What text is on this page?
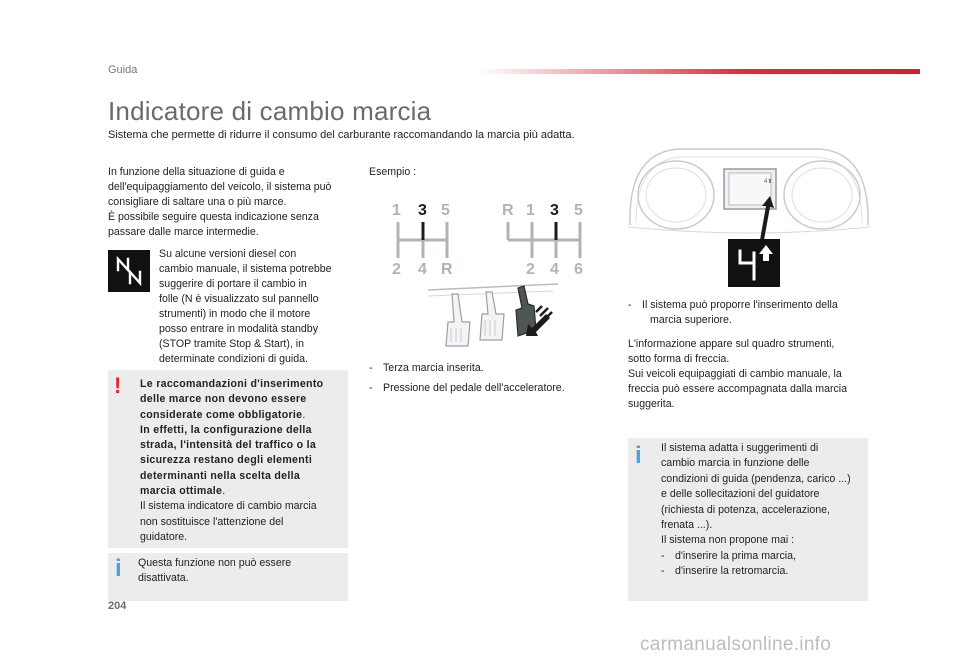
Guida
Indicatore di cambio marcia
Sistema che permette di ridurre il consumo del carburante raccomandando la marcia più adatta.
In funzione della situazione di guida e
dell'equipaggiamento del veicolo, il sistema può
consigliare di saltare una o più marce.
È possibile seguire questa indicazione senza
passare dalle marce intermedie.
Su alcune versioni diesel con
cambio manuale, il sistema potrebbe
suggerire di portare il cambio in
folle (N è visualizzato sul pannello
strumenti) in modo che il motore
posso entrare in modalità standby
(STOP tramite Stop & Start), in
determinate condizioni di guida.
! Le raccomandazioni d'inserimento
delle marce non devono essere
considerate come obbligatorie.
In effetti, la configurazione della
strada, l'intensità del traffico o la
sicurezza restano degli elementi
determinanti nella scelta della
marcia ottimale.
Il sistema indicatore di cambio marcia
non sostituisce l'attenzione del
guidatore.
i Questa funzione non può essere
disattivata.
Esempio :
1 3 5
2 4 R
R 1 3 5
2 4 6
- Terza marcia inserita.
- Pressione del pedale dell'acceleratore.
4⬆
- Il sistema può proporre l'inserimento della
marcia superiore.
L'informazione appare sul quadro strumenti,
sotto forma di freccia.
Sui veicoli equipaggiati di cambio manuale, la
freccia può essere accompagnata dalla marcia
suggerita.
i Il sistema adatta i suggerimenti di
cambio marcia in funzione delle
condizioni di guida (pendenza, carico ...)
e delle sollecitazioni del guidatore
(richiesta di potenza, accelerazione,
frenata ...).
Il sistema non propone mai :
- d'inserire la prima marcia,
- d'inserire la retromarcia.
204
carmanualsonline.info
